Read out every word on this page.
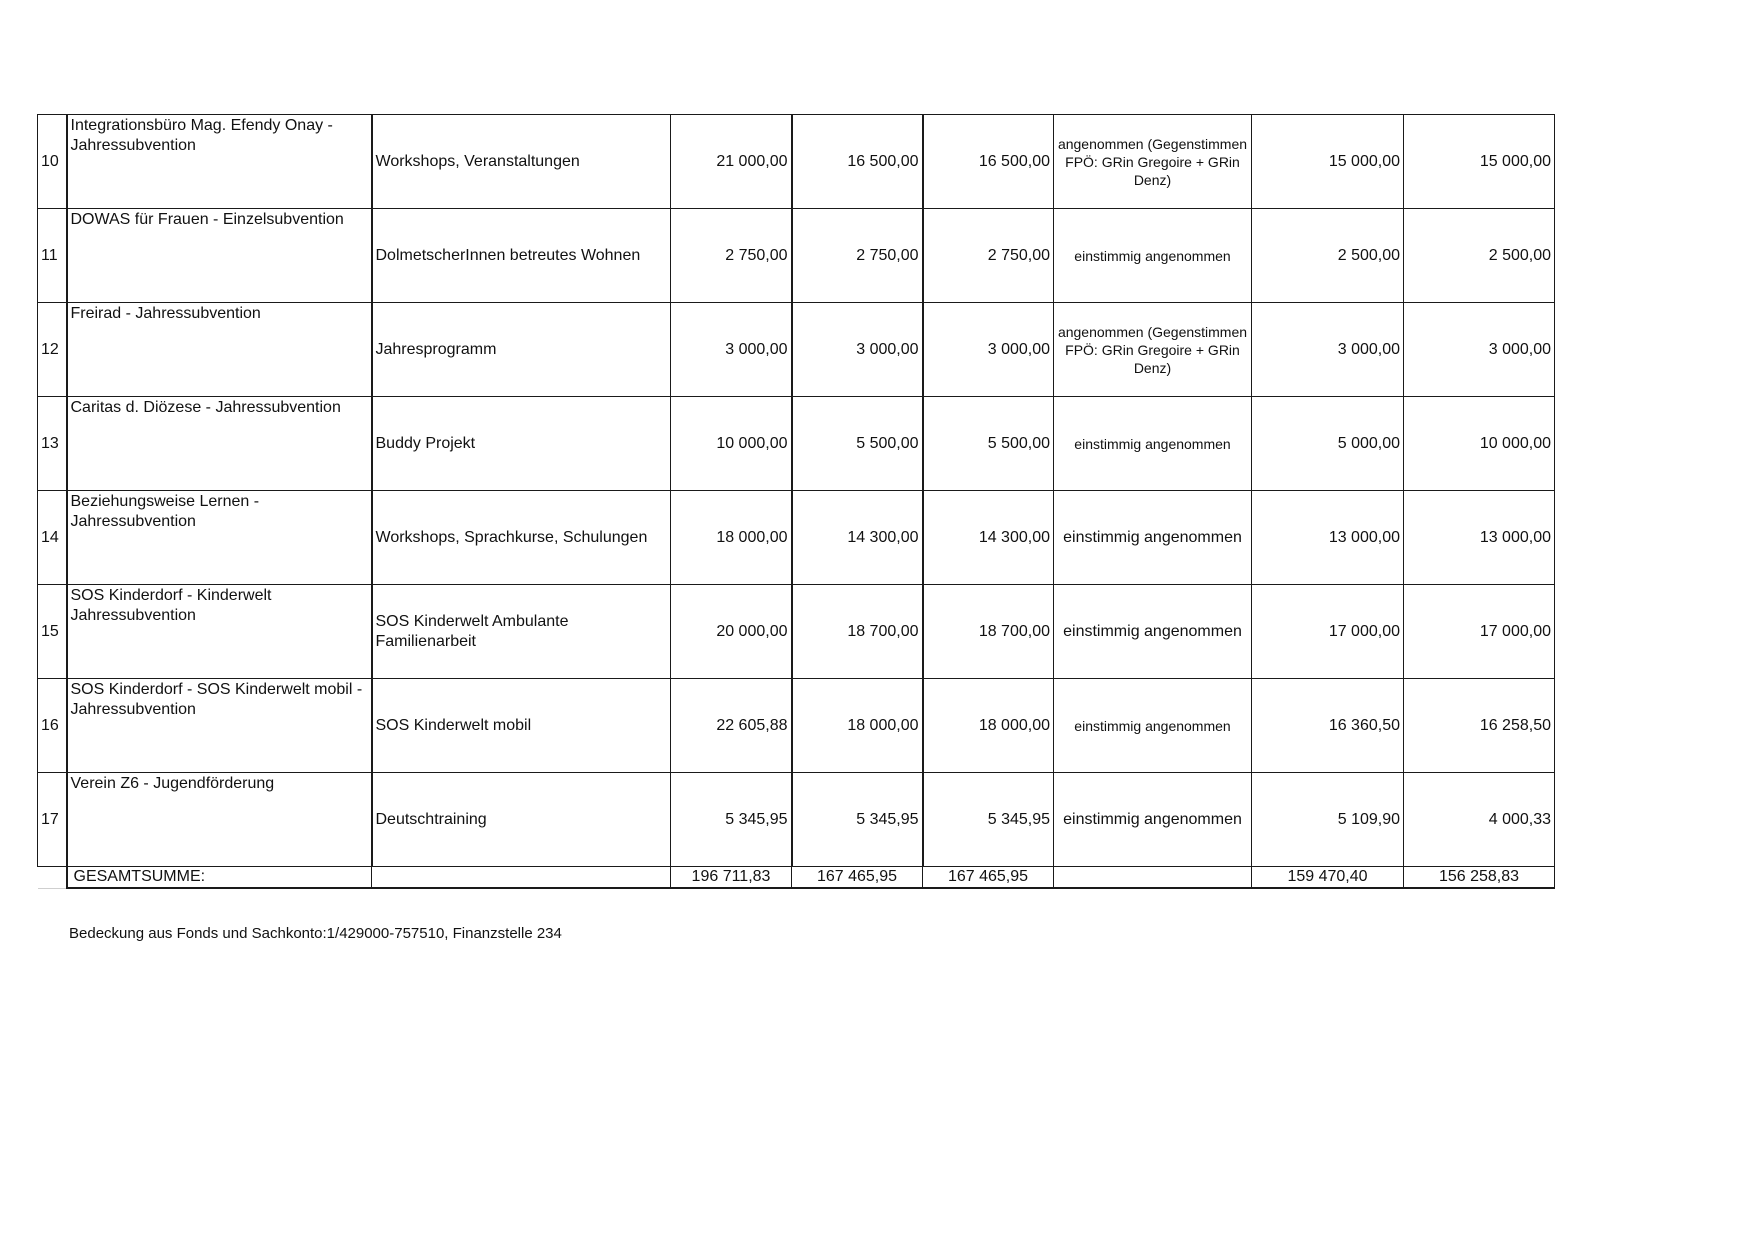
10	Integrationsbüro Mag. Efendy Onay - Jahressubvention	Workshops, Veranstaltungen	21 000,00	16 500,00	16 500,00	angenommen (Gegenstimmen FPÖ: GRin Gregoire + GRin Denz)	15 000,00	15 000,00
11	DOWAS für Frauen - Einzelsubvention	DolmetscherInnen betreutes Wohnen	2 750,00	2 750,00	2 750,00	einstimmig angenommen	2 500,00	2 500,00
12	Freirad - Jahressubvention	Jahresprogramm	3 000,00	3 000,00	3 000,00	angenommen (Gegenstimmen FPÖ: GRin Gregoire + GRin Denz)	3 000,00	3 000,00
13	Caritas d. Diözese - Jahressubvention	Buddy Projekt	10 000,00	5 500,00	5 500,00	einstimmig angenommen	5 000,00	10 000,00
14	Beziehungsweise Lernen - Jahressubvention	Workshops, Sprachkurse, Schulungen	18 000,00	14 300,00	14 300,00	einstimmig angenommen	13 000,00	13 000,00
15	SOS Kinderdorf - Kinderwelt Jahressubvention	SOS Kinderwelt Ambulante Familienarbeit	20 000,00	18 700,00	18 700,00	einstimmig angenommen	17 000,00	17 000,00
16	SOS Kinderdorf - SOS Kinderwelt mobil - Jahressubvention	SOS Kinderwelt mobil	22 605,88	18 000,00	18 000,00	einstimmig angenommen	16 360,50	16 258,50
17	Verein Z6 - Jugendförderung	Deutschtraining	5 345,95	5 345,95	5 345,95	einstimmig angenommen	5 109,90	4 000,33
	GESAMTSUMME:		196 711,83	167 465,95	167 465,95		159 470,40	156 258,83
Bedeckung aus Fonds und Sachkonto:1/429000-757510, Finanzstelle 234
